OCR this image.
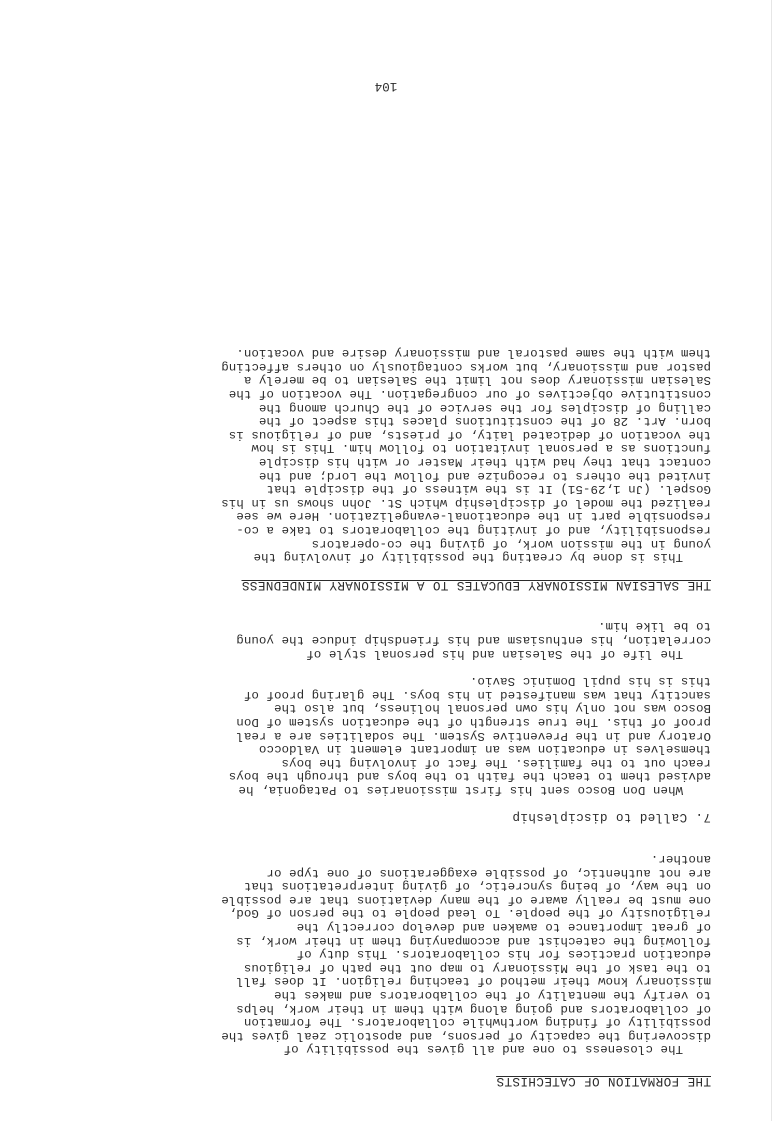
THE FORMATION OF CATECHISTS

The closeness to one and all gives the possibility of
discovering the capacity of persons, and apostolic zeal gives the
possibility of finding worthwhile collaborators. The formation
of collaborators and going along with them in their work, helps
to verify the mentality of the collaborators and makes the
missionary know their method of teaching religion. It does fall
to the task of the Missionary to map out the path of religious
education practices for his collaborators. This duty of
following the catechist and accompanying them in their work, is
of great importance to awaken and develop correctly the
religiousity of the people. To lead people to the person of God,
one must be really aware of the many deviations that are possible
on the way, of being syncretic, of giving interpretations that
are not authentic, of possible exaggerations of one type or
another.

7. Called to discipleship

When Don Bosco sent his first missionaries to Patagonia, he
advised them to teach the faith to the boys and through the boys
reach out to the families. The fact of involving the boys
themselves in education was an important element in Valdocco
Oratory and in the Preventive System. The sodalities are a real
proof of this. The true strength of the education system of Don
Bosco was not only his own personal holiness, but also the
sanctity that was manifested in his boys. The glaring proof of
this is his pupil Dominic Savio.

The life of the Salesian and his personal style of
correlation, his enthusiasm and his friendship induce the young
to be like him.

THE SALESIAN MISSIONARY EDUCATES TO A MISSIONARY MINDEDNESS

This is done by creating the possibility of involving the
young in the mission work, of giving the co-operators
responsibility, and of inviting the collaborators to take a co-
responsible part in the educational-evangelization. Here we see
realized the model of discipleship which St. John shows us in his
Gospel. (Jn 1,29-51) It is the witness of the disciple that
invited the others to recognize and follow the Lord; and the
contact that they had with their Master or with his disciple
functions as a personal invitation to follow him. This is how
the vocation of dedicated laity, of priests, and of religious is
born. Art. 28 of the constitutions places this aspect of the
calling of disciples for the service of the Church among the
constitutive objectives of our congregation. The vocation of the
Salesian missionary does not limit the Salesian to be merely a
pastor and missionary, but works contagiously on others affecting
them with the same pastoral and missionary desire and vocation.

104
